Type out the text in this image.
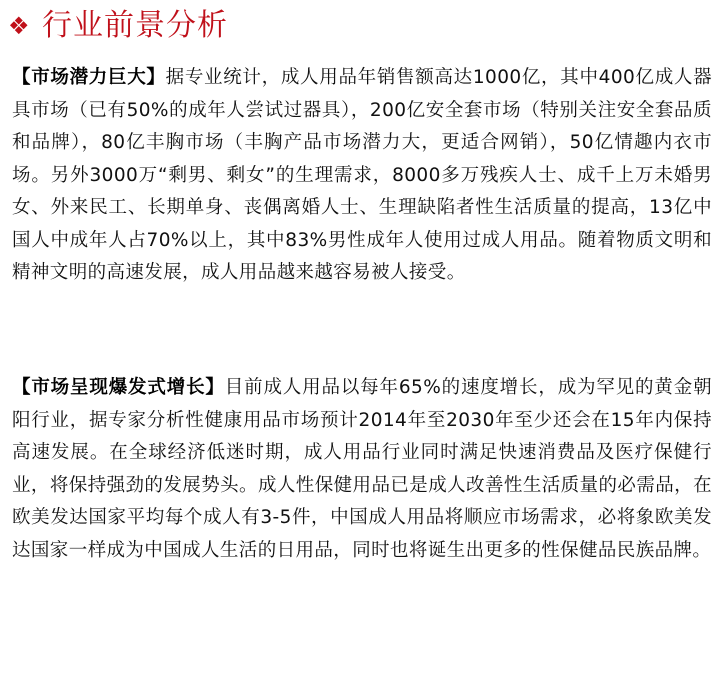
❖ 行业前景分析

【市场潜力巨大】据专业统计，成人用品年销售额高达1000亿，其中400亿成人器具市场（已有50%的成年人尝试过器具），200亿安全套市场（特别关注安全套品质和品牌），80亿丰胸市场（丰胸产品市场潜力大，更适合网销），50亿情趣内衣市场。另外3000万“剩男、剩女”的生理需求，8000多万残疾人士、成千上万未婚男女、外来民工、长期单身、丧偶离婚人士、生理缺陷者性生活质量的提高，13亿中国人中成年人占70%以上，其中83%男性成年人使用过成人用品。随着物质文明和精神文明的高速发展，成人用品越来越容易被人接受。

【市场呈现爆发式增长】目前成人用品以每年65%的速度增长，成为罕见的黄金朝阳行业，据专家分析性健康用品市场预计2014年至2030年至少还会在15年内保持高速发展。在全球经济低迷时期，成人用品行业同时满足快速消费品及医疗保健行业，将保持强劲的发展势头。成人性保健用品已是成人改善性生活质量的必需品，在欧美发达国家平均每个成人有3-5件，中国成人用品将顺应市场需求，必将象欧美发达国家一样成为中国成人生活的日用品，同时也将诞生出更多的性保健品民族品牌。
